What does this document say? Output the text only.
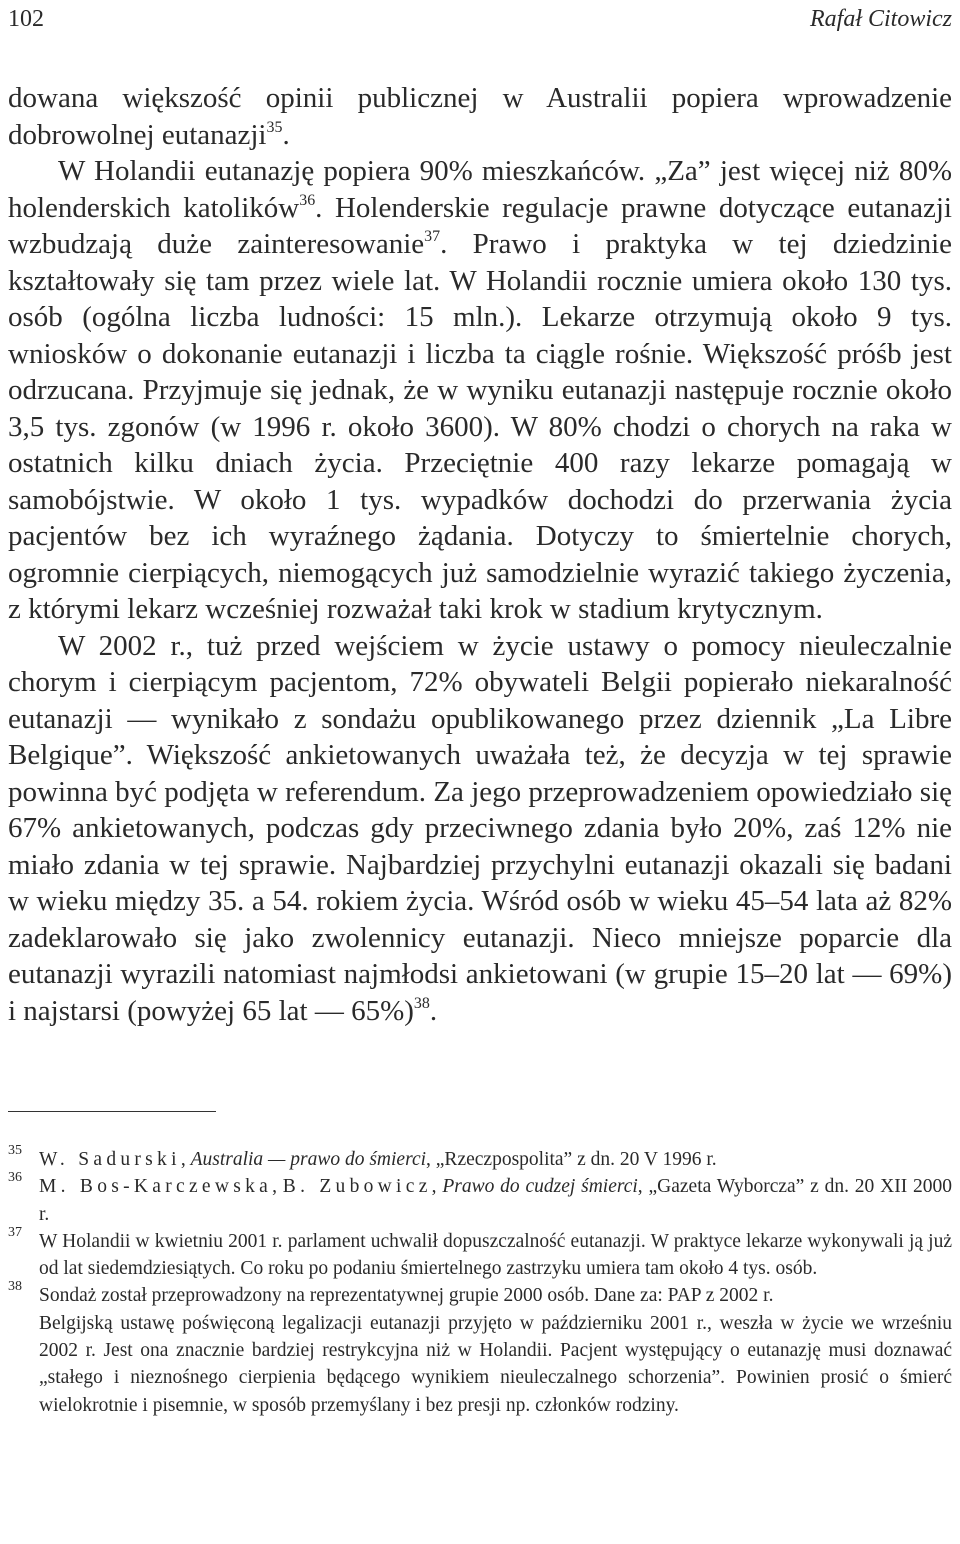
102	Rafał Citowicz

dowana większość opinii publicznej w Australii popiera wprowadzenie dobrowolnej eutanazji$^{35}$.

W Holandii eutanazję popiera 90% mieszkańców. „Za” jest więcej niż 80% holenderskich katolików$^{36}$. Holenderskie regulacje prawne dotyczące eutanazji wzbudzają duże zainteresowanie$^{37}$. Prawo i praktyka w tej dziedzinie kształtowały się tam przez wiele lat. W Holandii rocznie umiera około 130 tys. osób (ogólna liczba ludności: 15 mln.). Lekarze otrzymują około 9 tys. wniosków o dokonanie eutanazji i liczba ta ciągle rośnie. Większość próśb jest odrzucana. Przyjmuje się jednak, że w wyniku eutanazji następuje rocznie około 3,5 tys. zgonów (w 1996 r. około 3600). W 80% chodzi o chorych na raka w ostatnich kilku dniach życia. Przeciętnie 400 razy lekarze pomagają w samobójstwie. W około 1 tys. wypadków dochodzi do przerwania życia pacjentów bez ich wyraźnego żądania. Dotyczy to śmiertelnie chorych, ogromnie cierpiących, niemogących już samodzielnie wyrazić takiego życzenia, z którymi lekarz wcześniej rozważał taki krok w stadium krytycznym.

W 2002 r., tuż przed wejściem w życie ustawy o pomocy nieuleczalnie chorym i cierpiącym pacjentom, 72% obywateli Belgii popierało niekaralność eutanazji — wynikało z sondażu opublikowanego przez dziennik „La Libre Belgique”. Większość ankietowanych uważała też, że decyzja w tej sprawie powinna być podjęta w referendum. Za jego przeprowadzeniem opowiedziało się 67% ankietowanych, podczas gdy przeciwnego zdania było 20%, zaś 12% nie miało zdania w tej sprawie. Najbardziej przychylni eutanazji okazali się badani w wieku między 35. a 54. rokiem życia. Wśród osób w wieku 45–54 lata aż 82% zadeklarowało się jako zwolennicy eutanazji. Nieco mniejsze poparcie dla eutanazji wyrazili natomiast najmłodsi ankietowani (w grupie 15–20 lat — 69%) i najstarsi (powyżej 65 lat — 65%)$^{38}$.

35 W. Sadurski, Australia — prawo do śmierci, „Rzeczpospolita” z dn. 20 V 1996 r.
36 M. Bos-Karczewska, B. Zubowicz, Prawo do cudzej śmierci, „Gazeta Wyborcza” z dn. 20 XII 2000 r.
37 W Holandii w kwietniu 2001 r. parlament uchwalił dopuszczalność eutanazji. W praktyce lekarze wykonywali ją już od lat siedemdziesiątych. Co roku po podaniu śmiertelnego zastrzyku umiera tam około 4 tys. osób.
38 Sondaż został przeprowadzony na reprezentatywnej grupie 2000 osób. Dane za: PAP z 2002 r.
Belgijską ustawę poświęconą legalizacji eutanazji przyjęto w październiku 2001 r., weszła w życie we wrześniu 2002 r. Jest ona znacznie bardziej restrykcyjna niż w Holandii. Pacjent występujący o eutanazję musi doznawać „stałego i nieznośnego cierpienia będącego wynikiem nieuleczalnego schorzenia”. Powinien prosić o śmierć wielokrotnie i pisemnie, w sposób przemyślany i bez presji np. członków rodziny.
